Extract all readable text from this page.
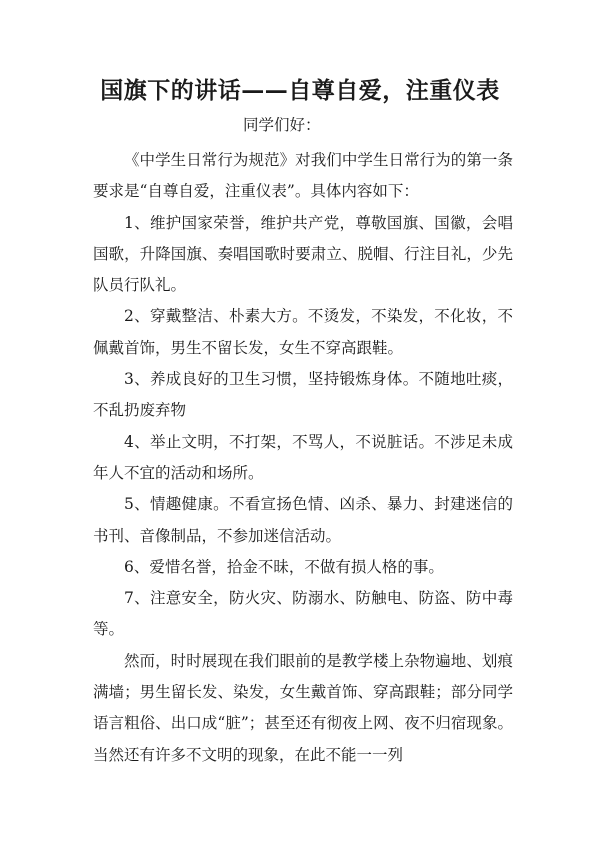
国旗下的讲话——自尊自爱，注重仪表
同学们好：

《中学生日常行为规范》对我们中学生日常行为的第一条要求是“自尊自爱，注重仪表”。具体内容如下：

1、维护国家荣誉，维护共产党，尊敬国旗、国徽，会唱国歌，升降国旗、奏唱国歌时要肃立、脱帽、行注目礼，少先队员行队礼。

2、穿戴整洁、朴素大方。不烫发，不染发，不化妆，不佩戴首饰，男生不留长发，女生不穿高跟鞋。

3、养成良好的卫生习惯，坚持锻炼身体。不随地吐痰，不乱扔废弃物

4、举止文明，不打架，不骂人，不说脏话。不涉足未成年人不宜的活动和场所。

5、情趣健康。不看宣扬色情、凶杀、暴力、封建迷信的书刊、音像制品，不参加迷信活动。

6、爱惜名誉，拾金不昧，不做有损人格的事。

7、注意安全，防火灾、防溺水、防触电、防盗、防中毒等。

然而，时时展现在我们眼前的是教学楼上杂物遍地、划痕满墙；男生留长发、染发，女生戴首饰、穿高跟鞋；部分同学语言粗俗、出口成“脏”；甚至还有彻夜上网、夜不归宿现象。当然还有许多不文明的现象，在此不能一一列
